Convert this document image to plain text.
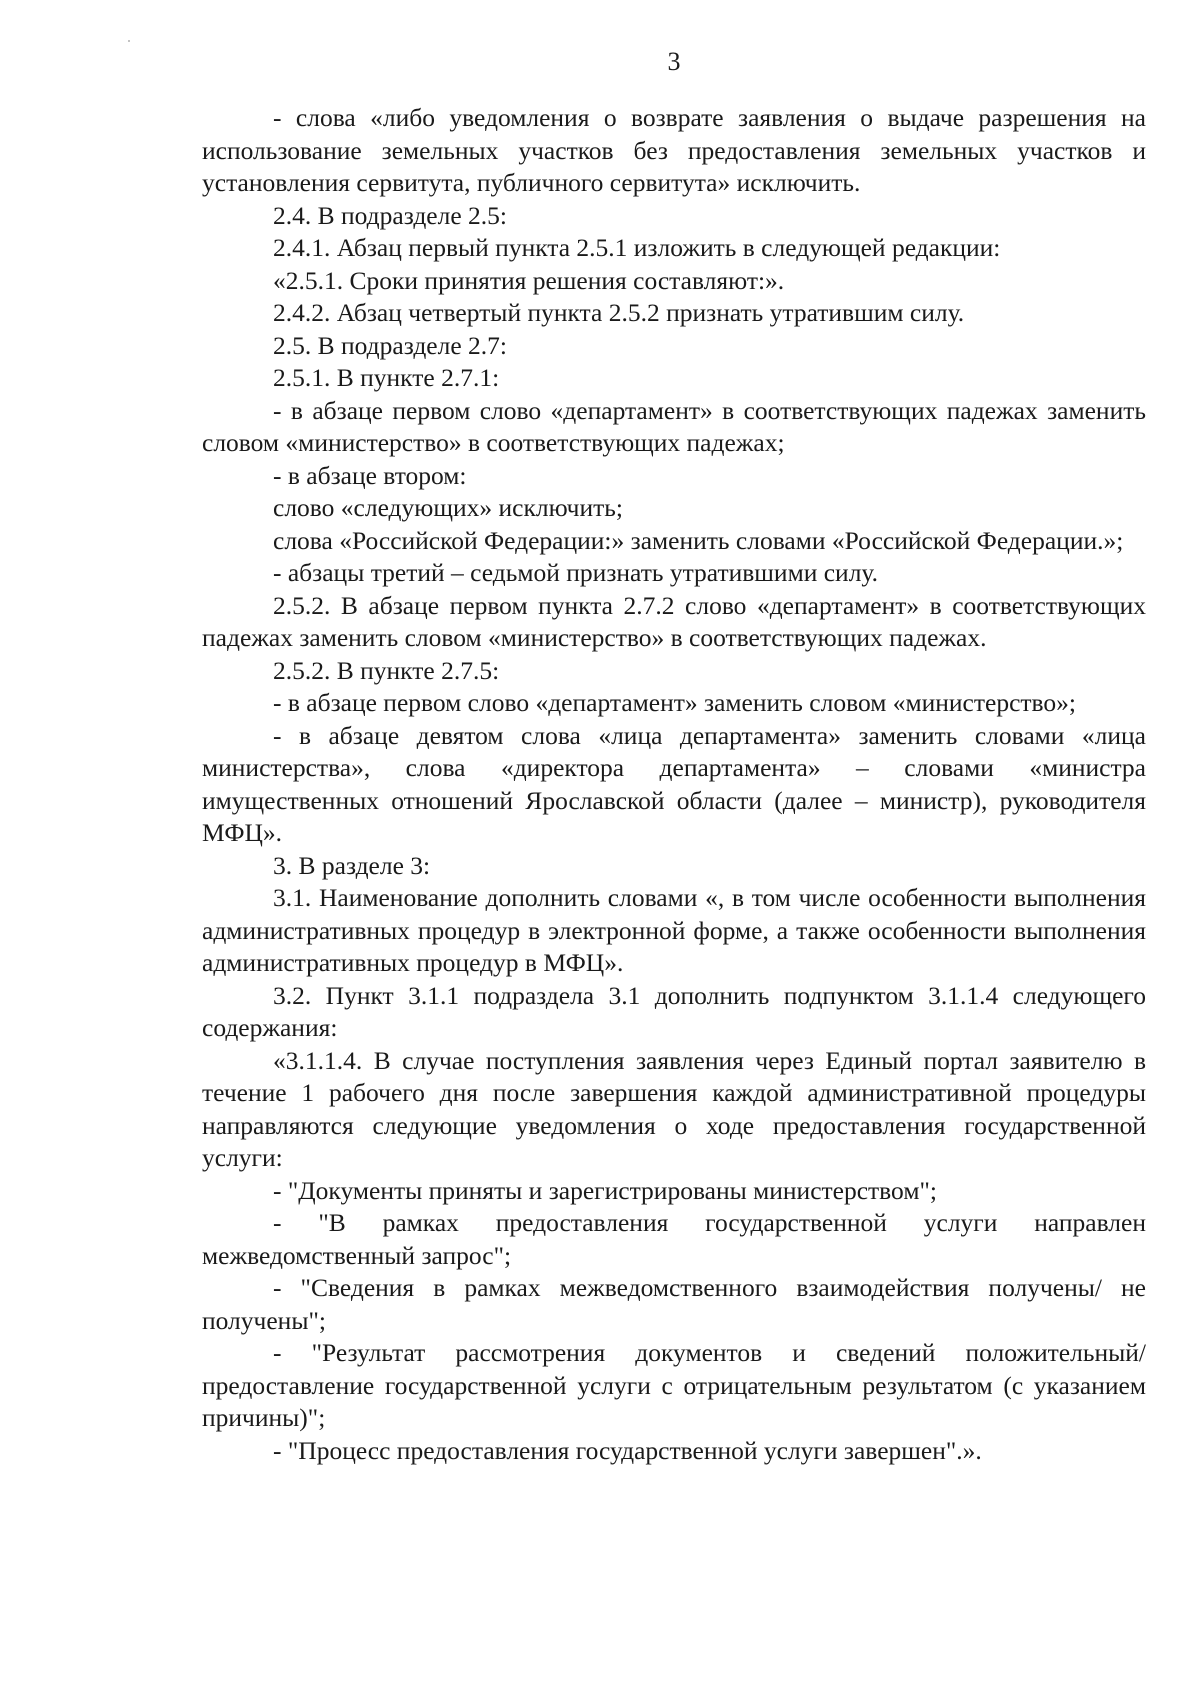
3

- слова «либо уведомления о возврате заявления о выдаче разрешения на использование земельных участков без предоставления земельных участков и установления сервитута, публичного сервитута» исключить.

2.4. В подразделе 2.5:

2.4.1. Абзац первый пункта 2.5.1 изложить в следующей редакции:

«2.5.1. Сроки принятия решения составляют:».

2.4.2. Абзац четвертый пункта 2.5.2 признать утратившим силу.

2.5. В подразделе 2.7:

2.5.1. В пункте 2.7.1:

- в абзаце первом слово «департамент» в соответствующих падежах заменить словом «министерство» в соответствующих падежах;

- в абзаце втором:

слово «следующих» исключить;

слова «Российской Федерации:» заменить словами «Российской Федерации.»;

- абзацы третий – седьмой признать утратившими силу.

2.5.2. В абзаце первом пункта 2.7.2 слово «департамент» в соответствующих падежах заменить словом «министерство» в соответствующих падежах.

2.5.2. В пункте 2.7.5:

- в абзаце первом слово «департамент» заменить словом «министерство»;

- в абзаце девятом слова «лица департамента» заменить словами «лица министерства», слова «директора департамента» – словами «министра имущественных отношений Ярославской области (далее – министр), руководителя МФЦ».

3. В разделе 3:

3.1. Наименование дополнить словами «, в том числе особенности выполнения административных процедур в электронной форме, а также особенности выполнения административных процедур в МФЦ».

3.2. Пункт 3.1.1 подраздела 3.1 дополнить подпунктом 3.1.1.4 следующего содержания:

«3.1.1.4. В случае поступления заявления через Единый портал заявителю в течение 1 рабочего дня после завершения каждой административной процедуры направляются следующие уведомления о ходе предоставления государственной услуги:

- "Документы приняты и зарегистрированы министерством";

- "В рамках предоставления государственной услуги направлен межведомственный запрос";

- "Сведения в рамках межведомственного взаимодействия получены/ не получены";

- "Результат рассмотрения документов и сведений положительный/ предоставление государственной услуги с отрицательным результатом (с указанием причины)";

- "Процесс предоставления государственной услуги завершен".».
